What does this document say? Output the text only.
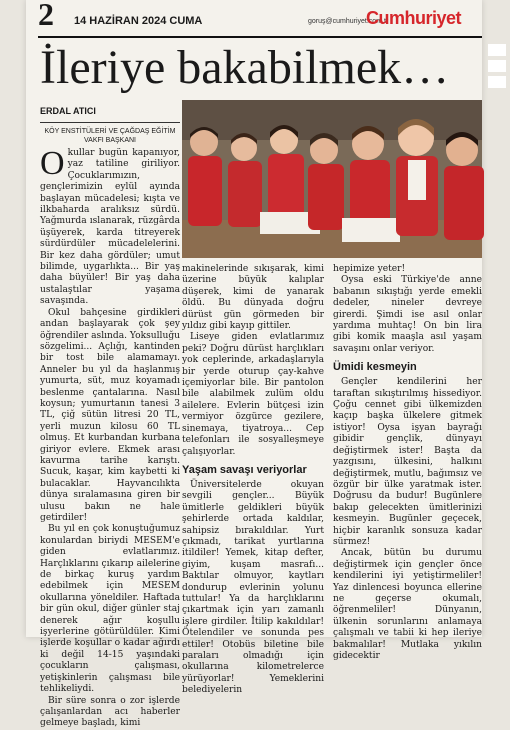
2 14 HAZİRAN 2024 CUMA	goruş@cumhuriyet.com.tr
Cumhuriyet
İleriye bakabilmek…
ERDAL ATICI
KÖY ENSTİTÜLERİ VE ÇAĞDAŞ EĞİTİM VAKFI BAŞKANI
O kullar bugün kapanıyor, yaz tatiline giriliyor. Çocuklarımızın, gençlerimizin eylül ayında başlayan mücadelesi; kışta ve ilkbaharda aralıksız sürdü. Yağmurda ıslanarak, rüzgârda üşüyerek, karda titreyerek sürdürdüler mücadelelerini. Bir kez daha gördüler; umut bilimde, uygarlıkta... Bir yaş daha büyüler! Bir yaş daha ustalaştılar yaşama savaşında.

Okul bahçesine girdikleri andan başlayarak çok şey öğrendiler aslında. Yoksulluğu sözgelimi... Açlığı, kantinden bir tost bile alamamayı. Anneler bu yıl da haşlanmış yumurta, süt, muz koyamadı beslenme çantalarına. Nasıl koysun; yumurtanın tanesi 3 TL, çiğ sütün litresi 20 TL, yerli muzun kilosu 60 TL olmuş. Et kurbandan kurbana giriyor evlere. Ekmek arası kavurma tarihe karıştı. Sucuk, kaşar, kim kaybetti ki bulacaklar. Hayvancılıkta dünya sıralamasına giren bir ulusu bakın ne hale getirdiler!

Bu yıl en çok konuştuğumuz konulardan biriydi MESEM'e giden evlatlarımız. Harçlıklarını çıkarıp ailelerine de birkaç kuruş yardım edebilmek için MESEM okullarına yöneldiler. Haftada bir gün okul, diğer günler staj denerek ağır koşullu işyerlerine götürüldüler. Kimi işlerde koşullar o kadar ağırdı ki değil 14-15 yaşındaki çocukların çalışması, yetişkinlerin çalışması bile tehlikeliydi.

Bir süre sonra o zor işlerde çalışanlardan acı haberler gelmeye başladı, kimi

makinelerinde sıkışarak, kimi üzerine büyük kalıplar düşerek, kimi de yanarak öldü. Bu dünyada doğru dürüst gün görmeden bir yıldız gibi kayıp gittiler.

Liseye giden evlatlarımız peki? Doğru dürüst harçlıkları yok ceplerinde, arkadaşlarıyla bir yerde oturup çay-kahve içemiyorlar bile. Bir pantolon bile alabilmek zulüm oldu ailelere. Evlerin bütçesi izin vermiyor özgürce gezilere, sinemaya, tiyatroya... Cep telefonları ile sosyalleşmeye çalışıyorlar.

Yaşam savaşı veriyorlar

Üniversitelerde okuyan sevgili gençler... Büyük ümitlerle geldikleri büyük şehirlerde ortada kaldılar, sahipsiz bırakıldılar. Yurt çıkmadı, tarikat yurtlarına itildiler! Yemek, kitap defter, giyim, kuşam masrafı... Baktılar olmuyor, kaytları dondurup evlerinin yolunu tuttular! Ya da harçlıklarını çıkartmak için yarı zamanlı işlere girdiler. İtilip kakıldılar! Ötelendiler ve sonunda pes ettiler! Otobüs biletine bile paraları olmadığı için okullarına kilometrelerce yürüyorlar! Yemeklerini belediyelerin

hepimize yeter!

Oysa eski Türkiye'de anne babanın sıkıştığı yerde emekli dedeler, nineler devreye girerdi. Şimdi ise asıl onlar yardıma muhtaç! On bin lira gibi komik maaşla asıl yaşam savaşını onlar veriyor.

Ümidi kesmeyin

Gençler kendilerini her taraftan sıkıştırılmış hissediyor. Çoğu cennet gibi ülkemizden kaçıp başka ülkelere gitmek istiyor! Oysa işyan bayrağı gibidir gençlik, dünyayı değiştirmek ister! Başta da yazgısını, ülkesini, halkını değiştirmek, mutlu, bağımsız ve özgür bir ülke yaratmak ister. Doğrusu da budur! Bugünlere bakıp gelecekten ümitlerinizi kesmeyin. Bugünler geçecek, hiçbir karanlık sonsuza kadar sürmez!

Ancak, bütün bu durumu değiştirmek için gençler önce kendilerini iyi yetiştirmeliler! Yaz dinlencesi boyunca ellerine ne geçerse okumalı, öğrenmeliler! Dünyanın, ülkenin sorunlarını anlamaya çalışmalı ve tabii ki hep ileriye bakmalılar! Mutlaka yıkılın gidecektir
